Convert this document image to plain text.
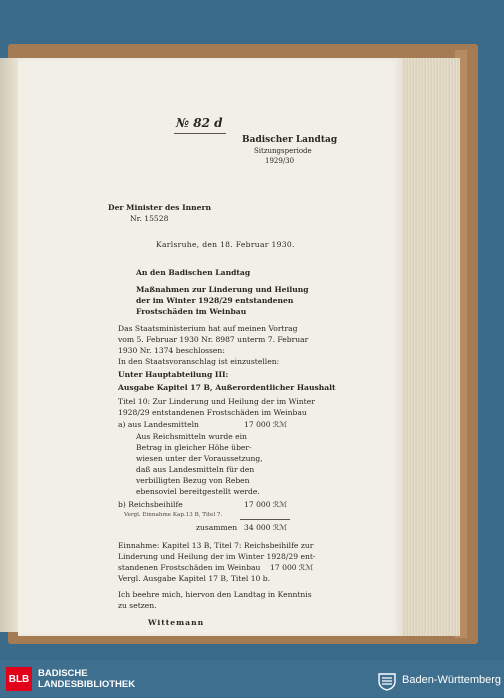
№ 82 d
Badischer Landtag
Sitzungsperiode
1929/30
Der Minister des Innern
Nr. 15528
Karlsruhe, den 18. Februar 1930.
An den Badischen Landtag
Maßnahmen zur Linderung und Heilung
der im Winter 1928/29 entstandenen
Frostschäden im Weinbau
Das Staatsministerium hat auf meinen Vortrag
vom 5. Februar 1930 Nr. 8987 unterm 7. Februar
1930 Nr. 1374 beschlossen:
In den Staatsvoranschlag ist einzustellen:
Unter Hauptabteilung III:
Ausgabe Kapitel 17 B, Außerordentlicher Haushalt
Titel 10: Zur Linderung und Heilung der im Winter
1928/29 entstandenen Frostschäden im Weinbau
a) aus Landesmitteln	17 000 ℛℳ
Aus Reichsmitteln wurde ein
Betrag in gleicher Höhe über-
wiesen unter der Voraussetzung,
daß aus Landesmitteln für den
verbilligten Bezug von Reben
ebensoviel bereitgestellt werde.
b) Reichsbeihilfe	17 000 ℛℳ
Vergl. Einnahme Kap.13 B, Titel 7.
zusammen 34 000 ℛℳ
Einnahme: Kapitel 13 B, Titel 7: Reichsbeihilfe zur
Linderung und Heilung der im Winter 1928/29 ent-
standenen Frostschäden im Weinbau    17 000 ℛℳ
Vergl. Ausgabe Kapitel 17 B, Titel 10 b.
Ich beehre mich, hiervon den Landtag in Kenntnis
zu setzen.
Wittemann
BLB BADISCHE
LANDESBIBLIOTHEK	Baden-Württemberg
